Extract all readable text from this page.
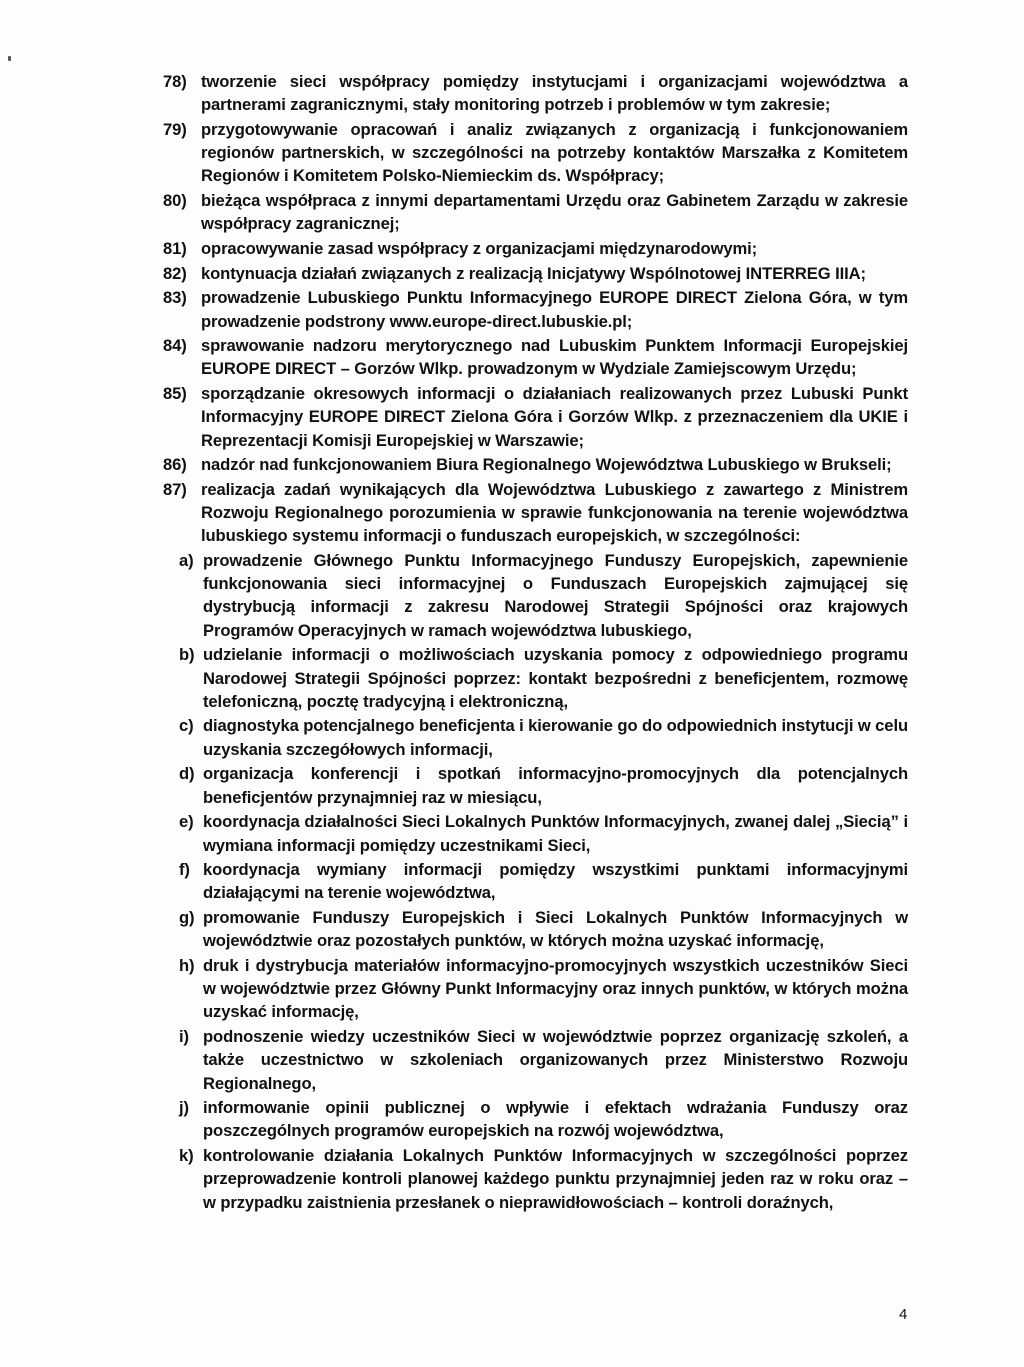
78) tworzenie sieci współpracy pomiędzy instytucjami i organizacjami województwa a partnerami zagranicznymi, stały monitoring potrzeb i problemów w tym zakresie;
79) przygotowywanie opracowań i analiz związanych z organizacją i funkcjonowaniem regionów partnerskich, w szczególności na potrzeby kontaktów Marszałka z Komitetem Regionów i Komitetem Polsko-Niemieckim ds. Współpracy;
80) bieżąca współpraca z innymi departamentami Urzędu oraz Gabinetem Zarządu w zakresie współpracy zagranicznej;
81) opracowywanie zasad współpracy z organizacjami międzynarodowymi;
82) kontynuacja działań związanych z realizacją Inicjatywy Wspólnotowej INTERREG IIIA;
83) prowadzenie Lubuskiego Punktu Informacyjnego EUROPE DIRECT Zielona Góra, w tym prowadzenie podstrony www.europe-direct.lubuskie.pl;
84) sprawowanie nadzoru merytorycznego nad Lubuskim Punktem Informacji Europejskiej EUROPE DIRECT – Gorzów Wlkp. prowadzonym w Wydziale Zamiejscowym Urzędu;
85) sporządzanie okresowych informacji o działaniach realizowanych przez Lubuski Punkt Informacyjny EUROPE DIRECT Zielona Góra i Gorzów Wlkp. z przeznaczeniem dla UKIE i Reprezentacji Komisji Europejskiej w Warszawie;
86) nadzór nad funkcjonowaniem Biura Regionalnego Województwa Lubuskiego w Brukseli;
87) realizacja zadań wynikających dla Województwa Lubuskiego z zawartego z Ministrem Rozwoju Regionalnego porozumienia w sprawie funkcjonowania na terenie województwa lubuskiego systemu informacji o funduszach europejskich, w szczególności:
a) prowadzenie Głównego Punktu Informacyjnego Funduszy Europejskich, zapewnienie funkcjonowania sieci informacyjnej o Funduszach Europejskich zajmującej się dystrybucją informacji z zakresu Narodowej Strategii Spójności oraz krajowych Programów Operacyjnych w ramach województwa lubuskiego,
b) udzielanie informacji o możliwościach uzyskania pomocy z odpowiedniego programu Narodowej Strategii Spójności poprzez: kontakt bezpośredni z beneficjentem, rozmowę telefoniczną, pocztę tradycyjną i elektroniczną,
c) diagnostyka potencjalnego beneficjenta i kierowanie go do odpowiednich instytucji w celu uzyskania szczegółowych informacji,
d) organizacja konferencji i spotkań informacyjno-promocyjnych dla potencjalnych beneficjentów przynajmniej raz w miesiącu,
e) koordynacja działalności Sieci Lokalnych Punktów Informacyjnych, zwanej dalej „Siecią” i wymiana informacji pomiędzy uczestnikami Sieci,
f) koordynacja wymiany informacji pomiędzy wszystkimi punktami informacyjnymi działającymi na terenie województwa,
g) promowanie Funduszy Europejskich i Sieci Lokalnych Punktów Informacyjnych w województwie oraz pozostałych punktów, w których można uzyskać informację,
h) druk i dystrybucja materiałów informacyjno-promocyjnych wszystkich uczestników Sieci w województwie przez Główny Punkt Informacyjny oraz innych punktów, w których można uzyskać informację,
i) podnoszenie wiedzy uczestników Sieci w województwie poprzez organizację szkoleń, a także uczestnictwo w szkoleniach organizowanych przez Ministerstwo Rozwoju Regionalnego,
j) informowanie opinii publicznej o wpływie i efektach wdrażania Funduszy oraz poszczególnych programów europejskich na rozwój województwa,
k) kontrolowanie działania Lokalnych Punktów Informacyjnych w szczególności poprzez przeprowadzenie kontroli planowej każdego punktu przynajmniej jeden raz w roku oraz – w przypadku zaistnienia przesłanek o nieprawidłowościach – kontroli doraźnych,
4
